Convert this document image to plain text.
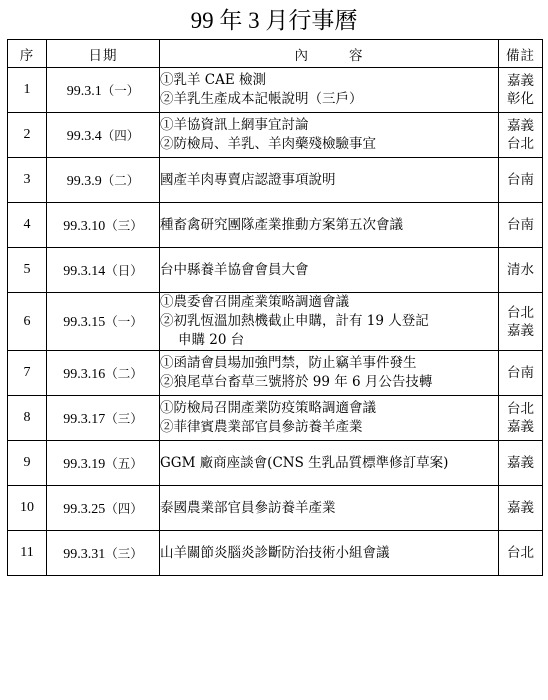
99 年 3 月行事曆
序	日期	內 容	備註
1	99.3.1（一）	①乳羊 CAE 檢測
②羊乳生產成本記帳說明（三戶）	嘉義
彰化

2	99.3.4（四）	①羊協資訊上網事宜討論
②防檢局、羊乳、羊肉藥殘檢驗事宜	嘉義
台北

3	99.3.9（二）	國產羊肉專賣店認證事項說明	台南

4	99.3.10（三）	種畜禽研究團隊產業推動方案第五次會議	台南

5	99.3.14（日）	台中縣養羊協會會員大會	清水

6	99.3.15（一）	①農委會召開產業策略調適會議
②初乳恆溫加熱機截止申購，計有 19 人登記
申購 20 台	台北
嘉義

7	99.3.16（二）	①函請會員場加強門禁，防止竊羊事件發生
②狼尾草台畜草三號將於 99 年 6 月公告技轉	台南

8	99.3.17（三）	①防檢局召開產業防疫策略調適會議
②菲律賓農業部官員參訪養羊產業	台北
嘉義

9	99.3.19（五）	GGM 廠商座談會(CNS 生乳品質標準修訂草案)	嘉義

10	99.3.25（四）	泰國農業部官員參訪養羊產業	嘉義

11	99.3.31（三）	山羊關節炎腦炎診斷防治技術小組會議	台北
